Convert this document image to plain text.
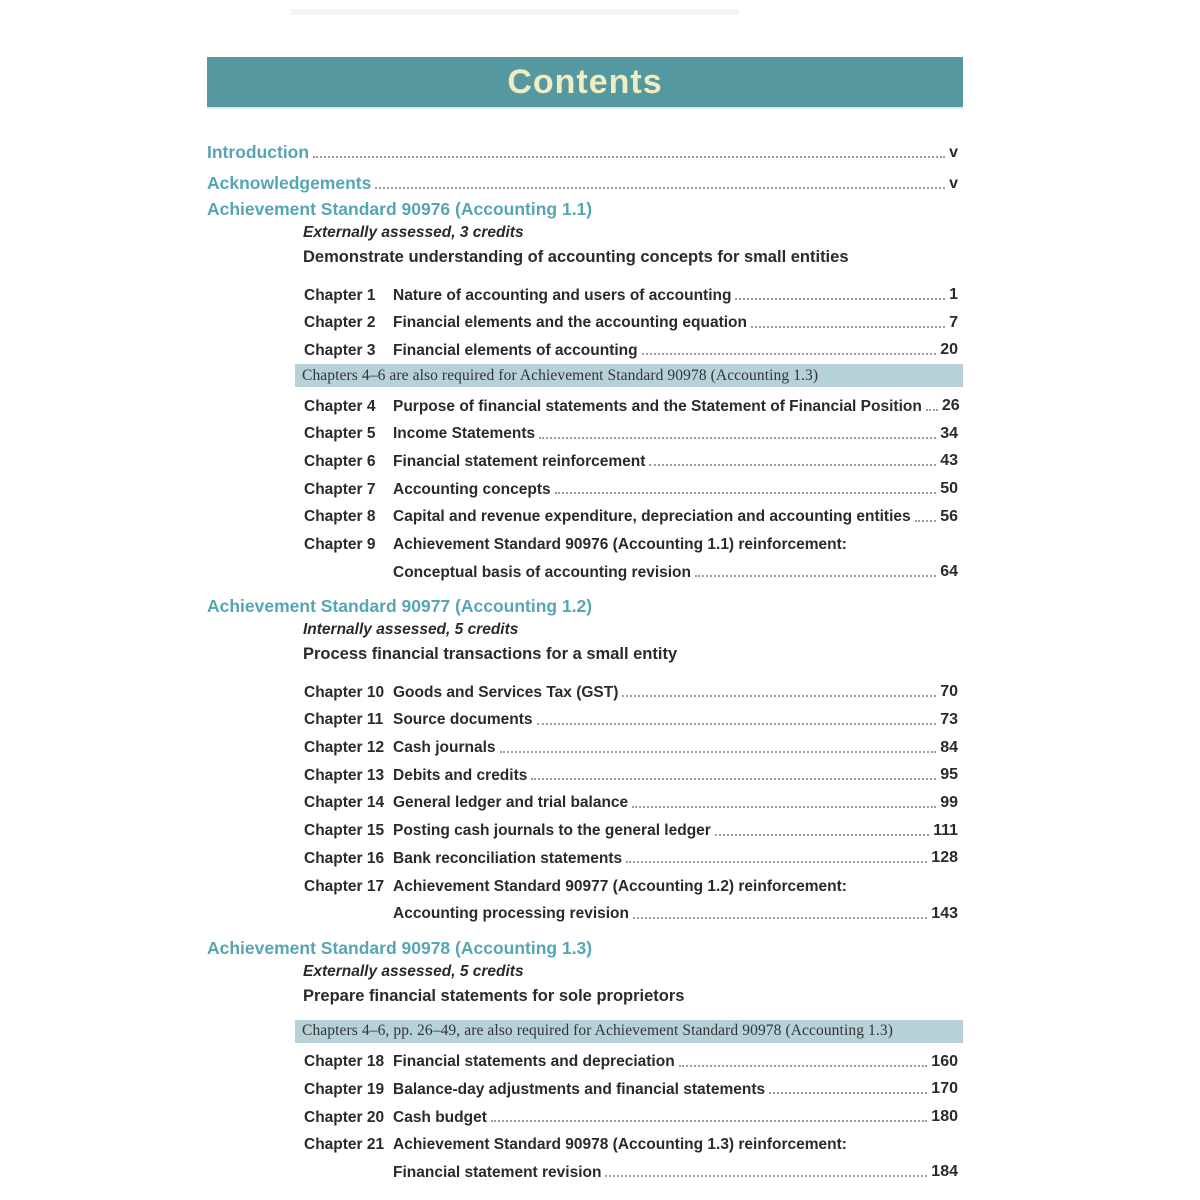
Contents
Introduction	v
Acknowledgements	v
Achievement Standard 90976 (Accounting 1.1)
Externally assessed, 3 credits
Demonstrate understanding of accounting concepts for small entities
Chapter 1	Nature of accounting and users of accounting	1
Chapter 2	Financial elements and the accounting equation	7
Chapter 3	Financial elements of accounting	20
Chapters 4–6 are also required for Achievement Standard 90978 (Accounting 1.3)
Chapter 4	Purpose of financial statements and the Statement of Financial Position 26
Chapter 5	Income Statements	34
Chapter 6	Financial statement reinforcement	43
Chapter 7	Accounting concepts	50
Chapter 8	Capital and revenue expenditure, depreciation and accounting entities 56
Chapter 9	Achievement Standard 90976 (Accounting 1.1) reinforcement:
Conceptual basis of accounting revision	64
Achievement Standard 90977 (Accounting 1.2)
Internally assessed, 5 credits
Process financial transactions for a small entity
Chapter 10 Goods and Services Tax (GST)	70
Chapter 11 Source documents	73
Chapter 12 Cash journals	84
Chapter 13 Debits and credits	95
Chapter 14 General ledger and trial balance	99
Chapter 15 Posting cash journals to the general ledger	111
Chapter 16 Bank reconciliation statements	128
Chapter 17 Achievement Standard 90977 (Accounting 1.2) reinforcement:
Accounting processing revision	143
Achievement Standard 90978 (Accounting 1.3)
Externally assessed, 5 credits
Prepare financial statements for sole proprietors
Chapters 4–6, pp. 26–49, are also required for Achievement Standard 90978 (Accounting 1.3)
Chapter 18 Financial statements and depreciation	160
Chapter 19 Balance-day adjustments and financial statements	170
Chapter 20 Cash budget	180
Chapter 21 Achievement Standard 90978 (Accounting 1.3) reinforcement:
Financial statement revision	184
